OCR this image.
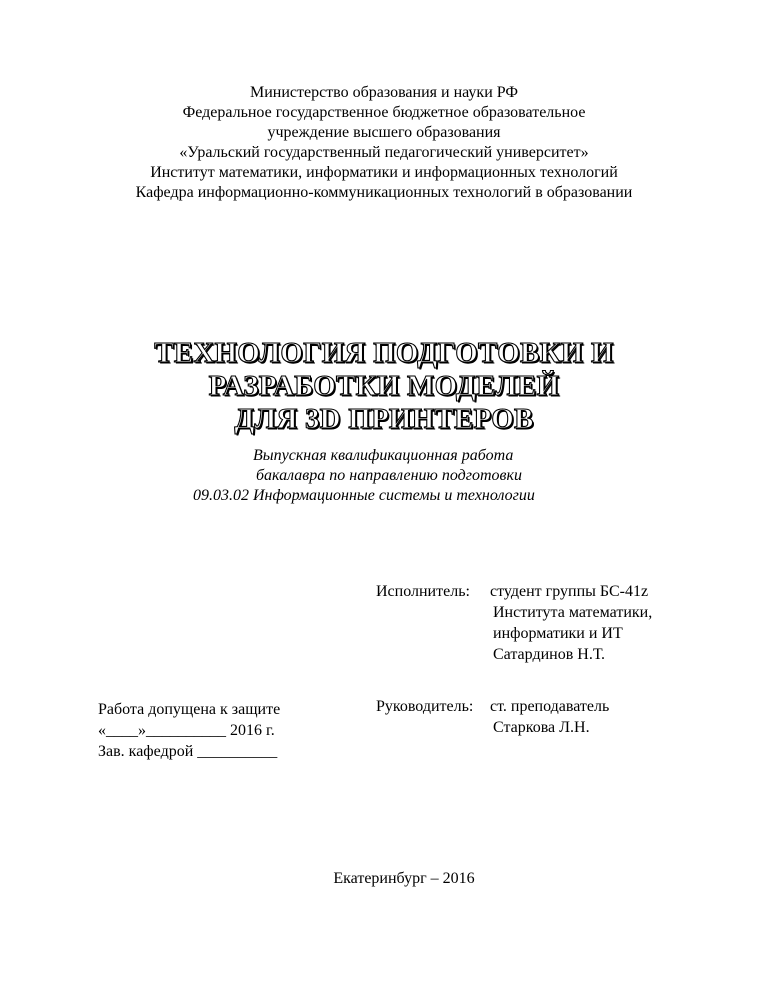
Министерство образования и науки РФ
Федеральное государственное бюджетное образовательное
учреждение высшего образования
«Уральский государственный педагогический университет»
Институт математики, информатики и информационных технологий
Кафедра информационно-коммуникационных технологий в образовании
ТЕХНОЛОГИЯ ПОДГОТОВКИ И
РАЗРАБОТКИ МОДЕЛЕЙ
ДЛЯ 3D ПРИНТЕРОВ
Выпускная квалификационная работа
бакалавра по направлению подготовки
09.03.02 Информационные системы и технологии
Исполнитель: студент группы БС-41z
Института математики,
информатики и ИТ
Сатардинов Н.Т.
Руководитель: ст. преподаватель
Старкова Л.Н.
Работа допущена к защите
«____»__________ 2016 г.
Зав. кафедрой __________
Екатеринбург – 2016
